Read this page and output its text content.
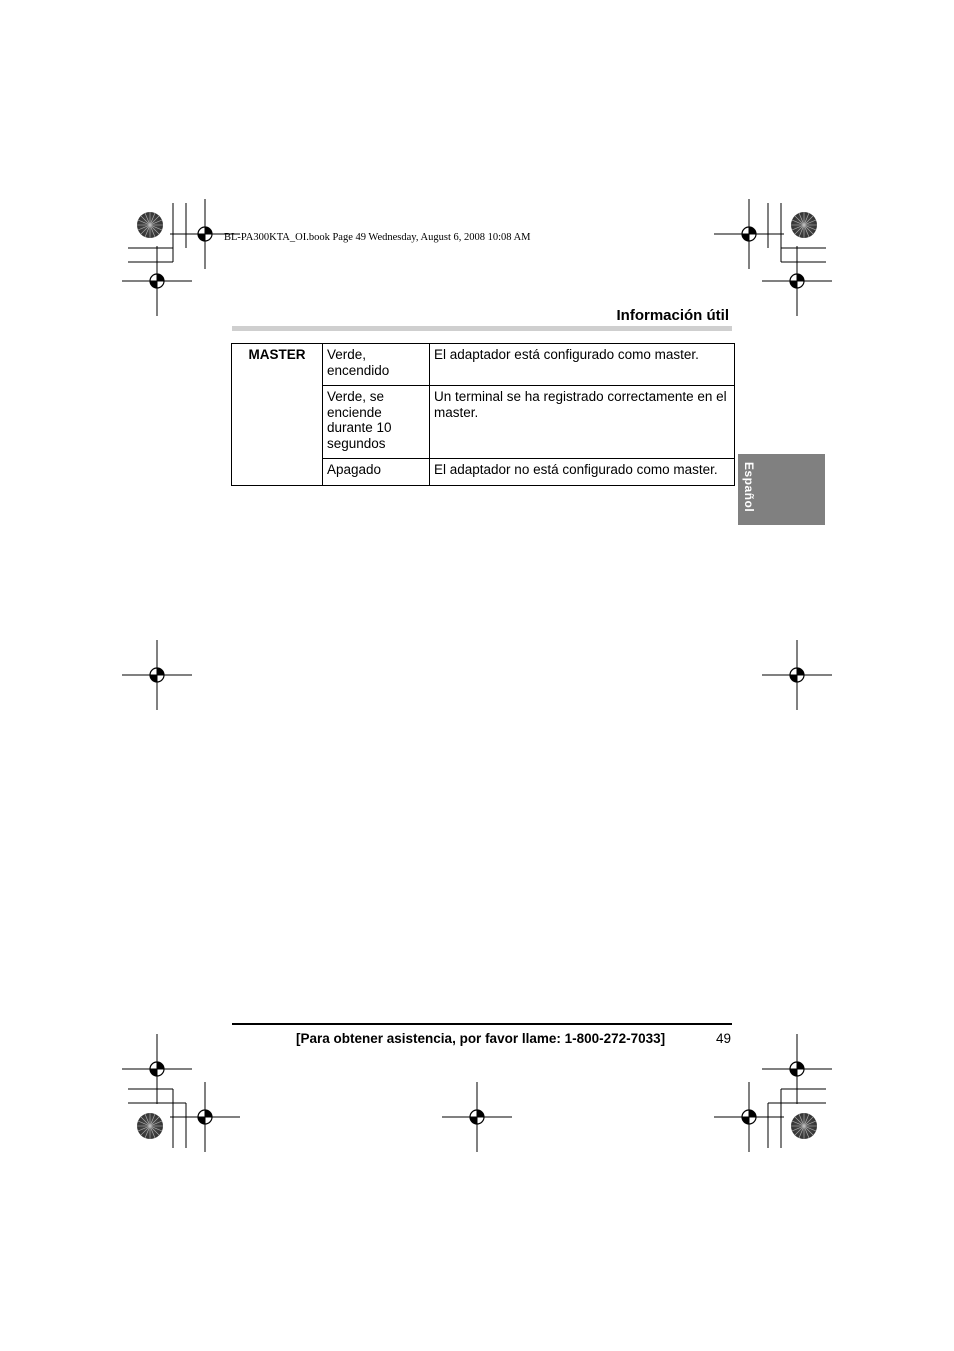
BL-PA300KTA_OI.book Page 49 Wednesday, August 6, 2008 10:08 AM
Información útil
MASTER	Verde, encendido	El adaptador está configurado como master.
	Verde, se enciende durante 10 segundos	Un terminal se ha registrado correctamente en el master.
	Apagado	El adaptador no está configurado como master. Español
[Para obtener asistencia, por favor llame: 1-800-272-7033]	49
